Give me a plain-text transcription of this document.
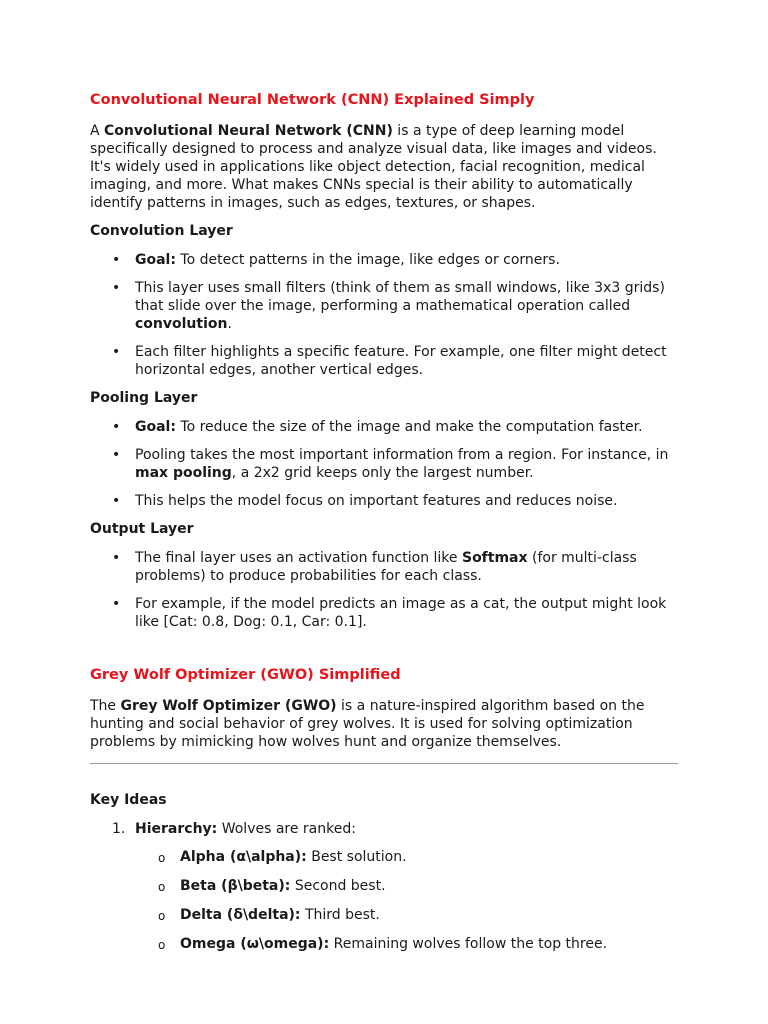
Convolutional Neural Network (CNN) Explained Simply

A Convolutional Neural Network (CNN) is a type of deep learning model specifically designed to process and analyze visual data, like images and videos. It's widely used in applications like object detection, facial recognition, medical imaging, and more. What makes CNNs special is their ability to automatically identify patterns in images, such as edges, textures, or shapes.

Convolution Layer
• Goal: To detect patterns in the image, like edges or corners.
• This layer uses small filters (think of them as small windows, like 3x3 grids) that slide over the image, performing a mathematical operation called convolution.
• Each filter highlights a specific feature. For example, one filter might detect horizontal edges, another vertical edges.
Pooling Layer
• Goal: To reduce the size of the image and make the computation faster.
• Pooling takes the most important information from a region. For instance, in max pooling, a 2x2 grid keeps only the largest number.
• This helps the model focus on important features and reduces noise.
Output Layer
• The final layer uses an activation function like Softmax (for multi-class problems) to produce probabilities for each class.
• For example, if the model predicts an image as a cat, the output might look like [Cat: 0.8, Dog: 0.1, Car: 0.1].
Grey Wolf Optimizer (GWO) Simplified

The Grey Wolf Optimizer (GWO) is a nature-inspired algorithm based on the hunting and social behavior of grey wolves. It is used for solving optimization problems by mimicking how wolves hunt and organize themselves.

Key Ideas
1. Hierarchy: Wolves are ranked:
o Alpha (α\alpha): Best solution.
o Beta (β\beta): Second best.
o Delta (δ\delta): Third best.
o Omega (ω\omega): Remaining wolves follow the top three.
